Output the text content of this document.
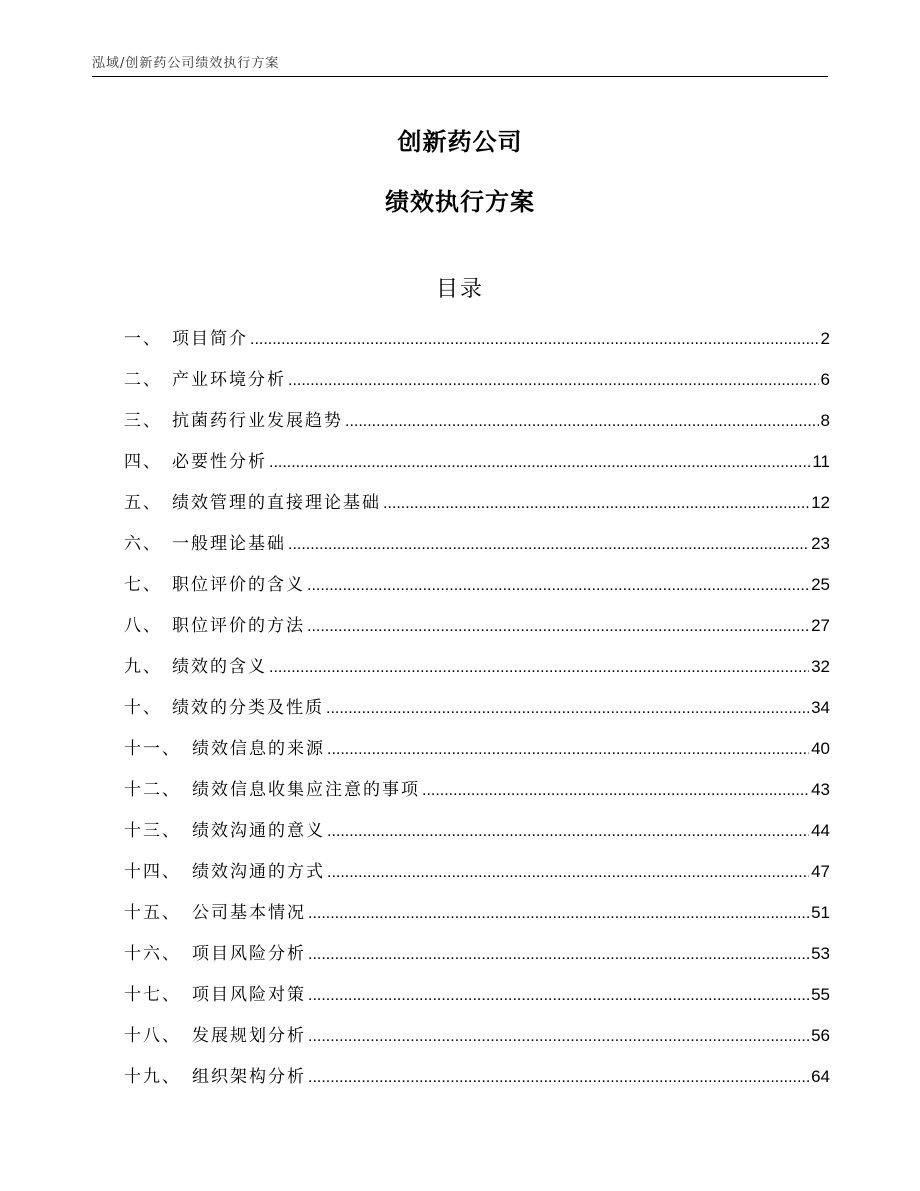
泓域/创新药公司绩效执行方案
创新药公司
绩效执行方案
目录
一、 项目简介 .....	2
二、 产业环境分析 .....	6
三、 抗菌药行业发展趋势 .....	8
四、 必要性分析 .....	11
五、 绩效管理的直接理论基础 .....	12
六、 一般理论基础 .....	23
七、 职位评价的含义 .....	25
八、 职位评价的方法 .....	27
九、 绩效的含义 .....	32
十、 绩效的分类及性质 .....	34
十一、 绩效信息的来源 .....	40
十二、 绩效信息收集应注意的事项 .....	43
十三、 绩效沟通的意义 .....	44
十四、 绩效沟通的方式 .....	47
十五、 公司基本情况 .....	51
十六、 项目风险分析 .....	53
十七、 项目风险对策 .....	55
十八、 发展规划分析 .....	56
十九、 组织架构分析 .....	64
